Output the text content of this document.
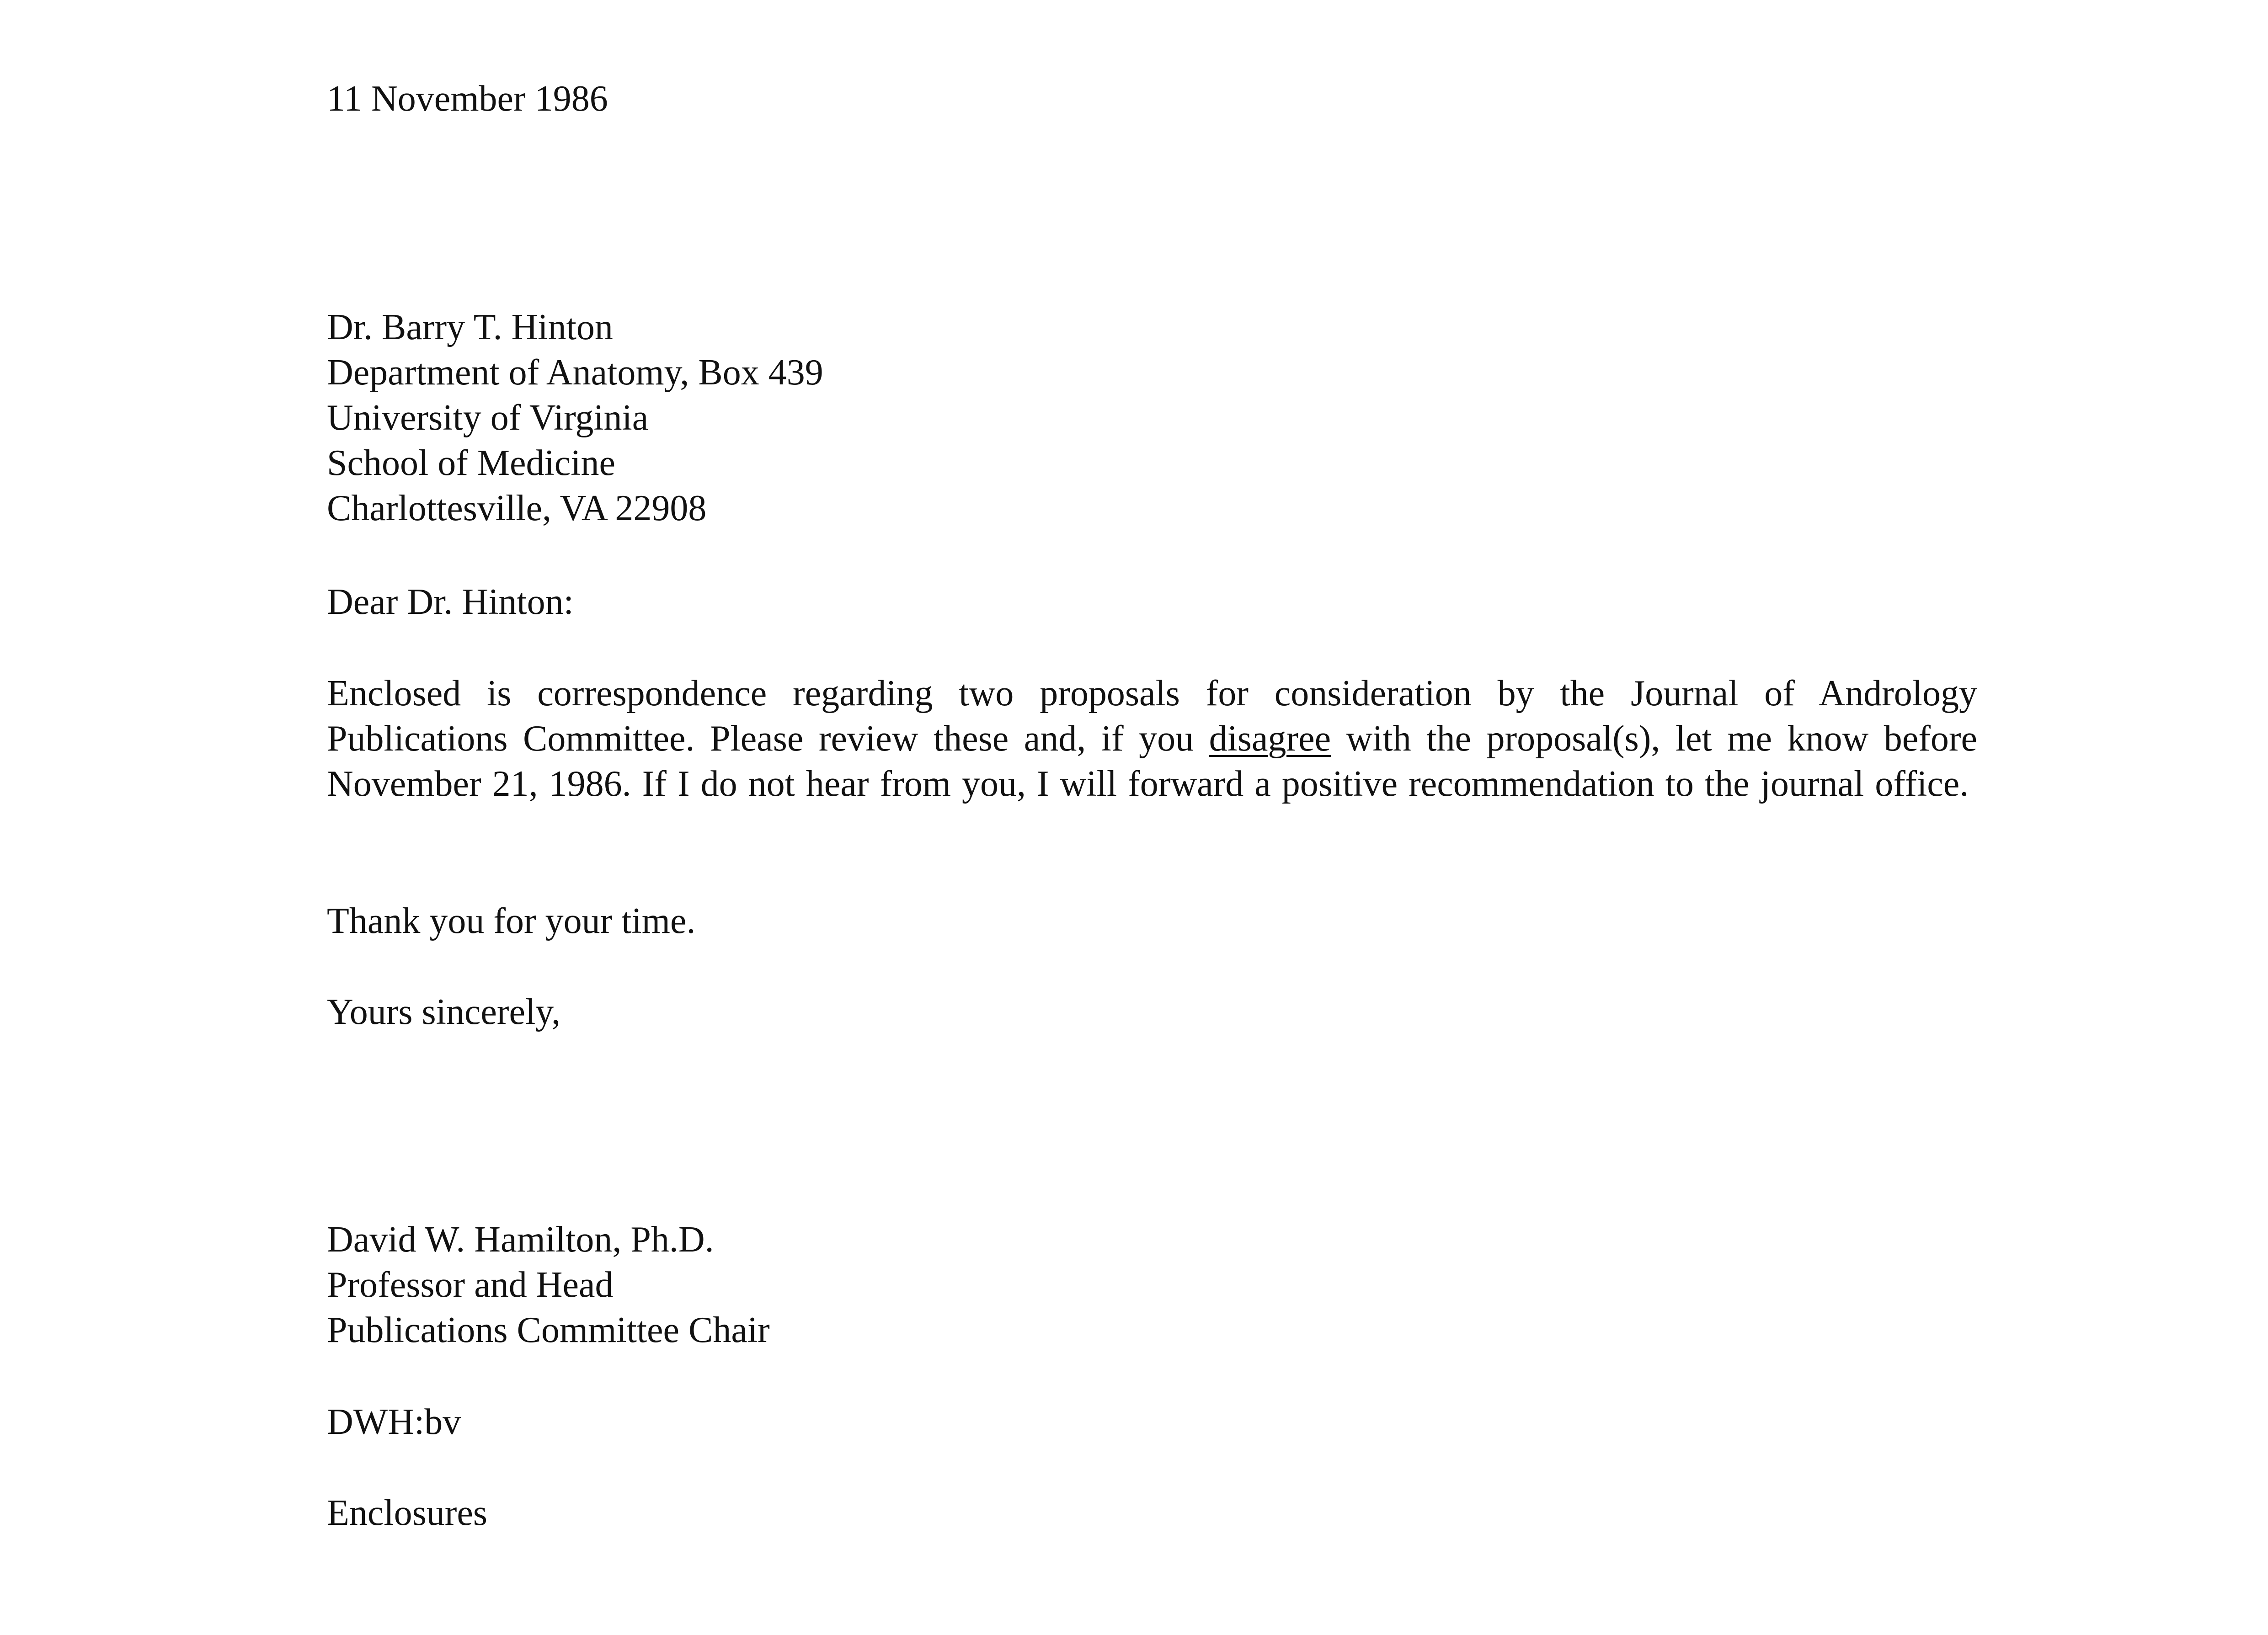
11 November 1986
Dr. Barry T. Hinton
Department of Anatomy, Box 439
University of Virginia
School of Medicine
Charlottesville, VA 22908
Dear Dr. Hinton:
Enclosed is correspondence regarding two proposals for consideration by the Journal of Andrology Publications Committee. Please review these and, if you disagree with the proposal(s), let me know before November 21, 1986. If I do not hear from you, I will forward a positive recommendation to the journal office.
Thank you for your time.
Yours sincerely,
David W. Hamilton, Ph.D.
Professor and Head
Publications Committee Chair
DWH:bv
Enclosures
